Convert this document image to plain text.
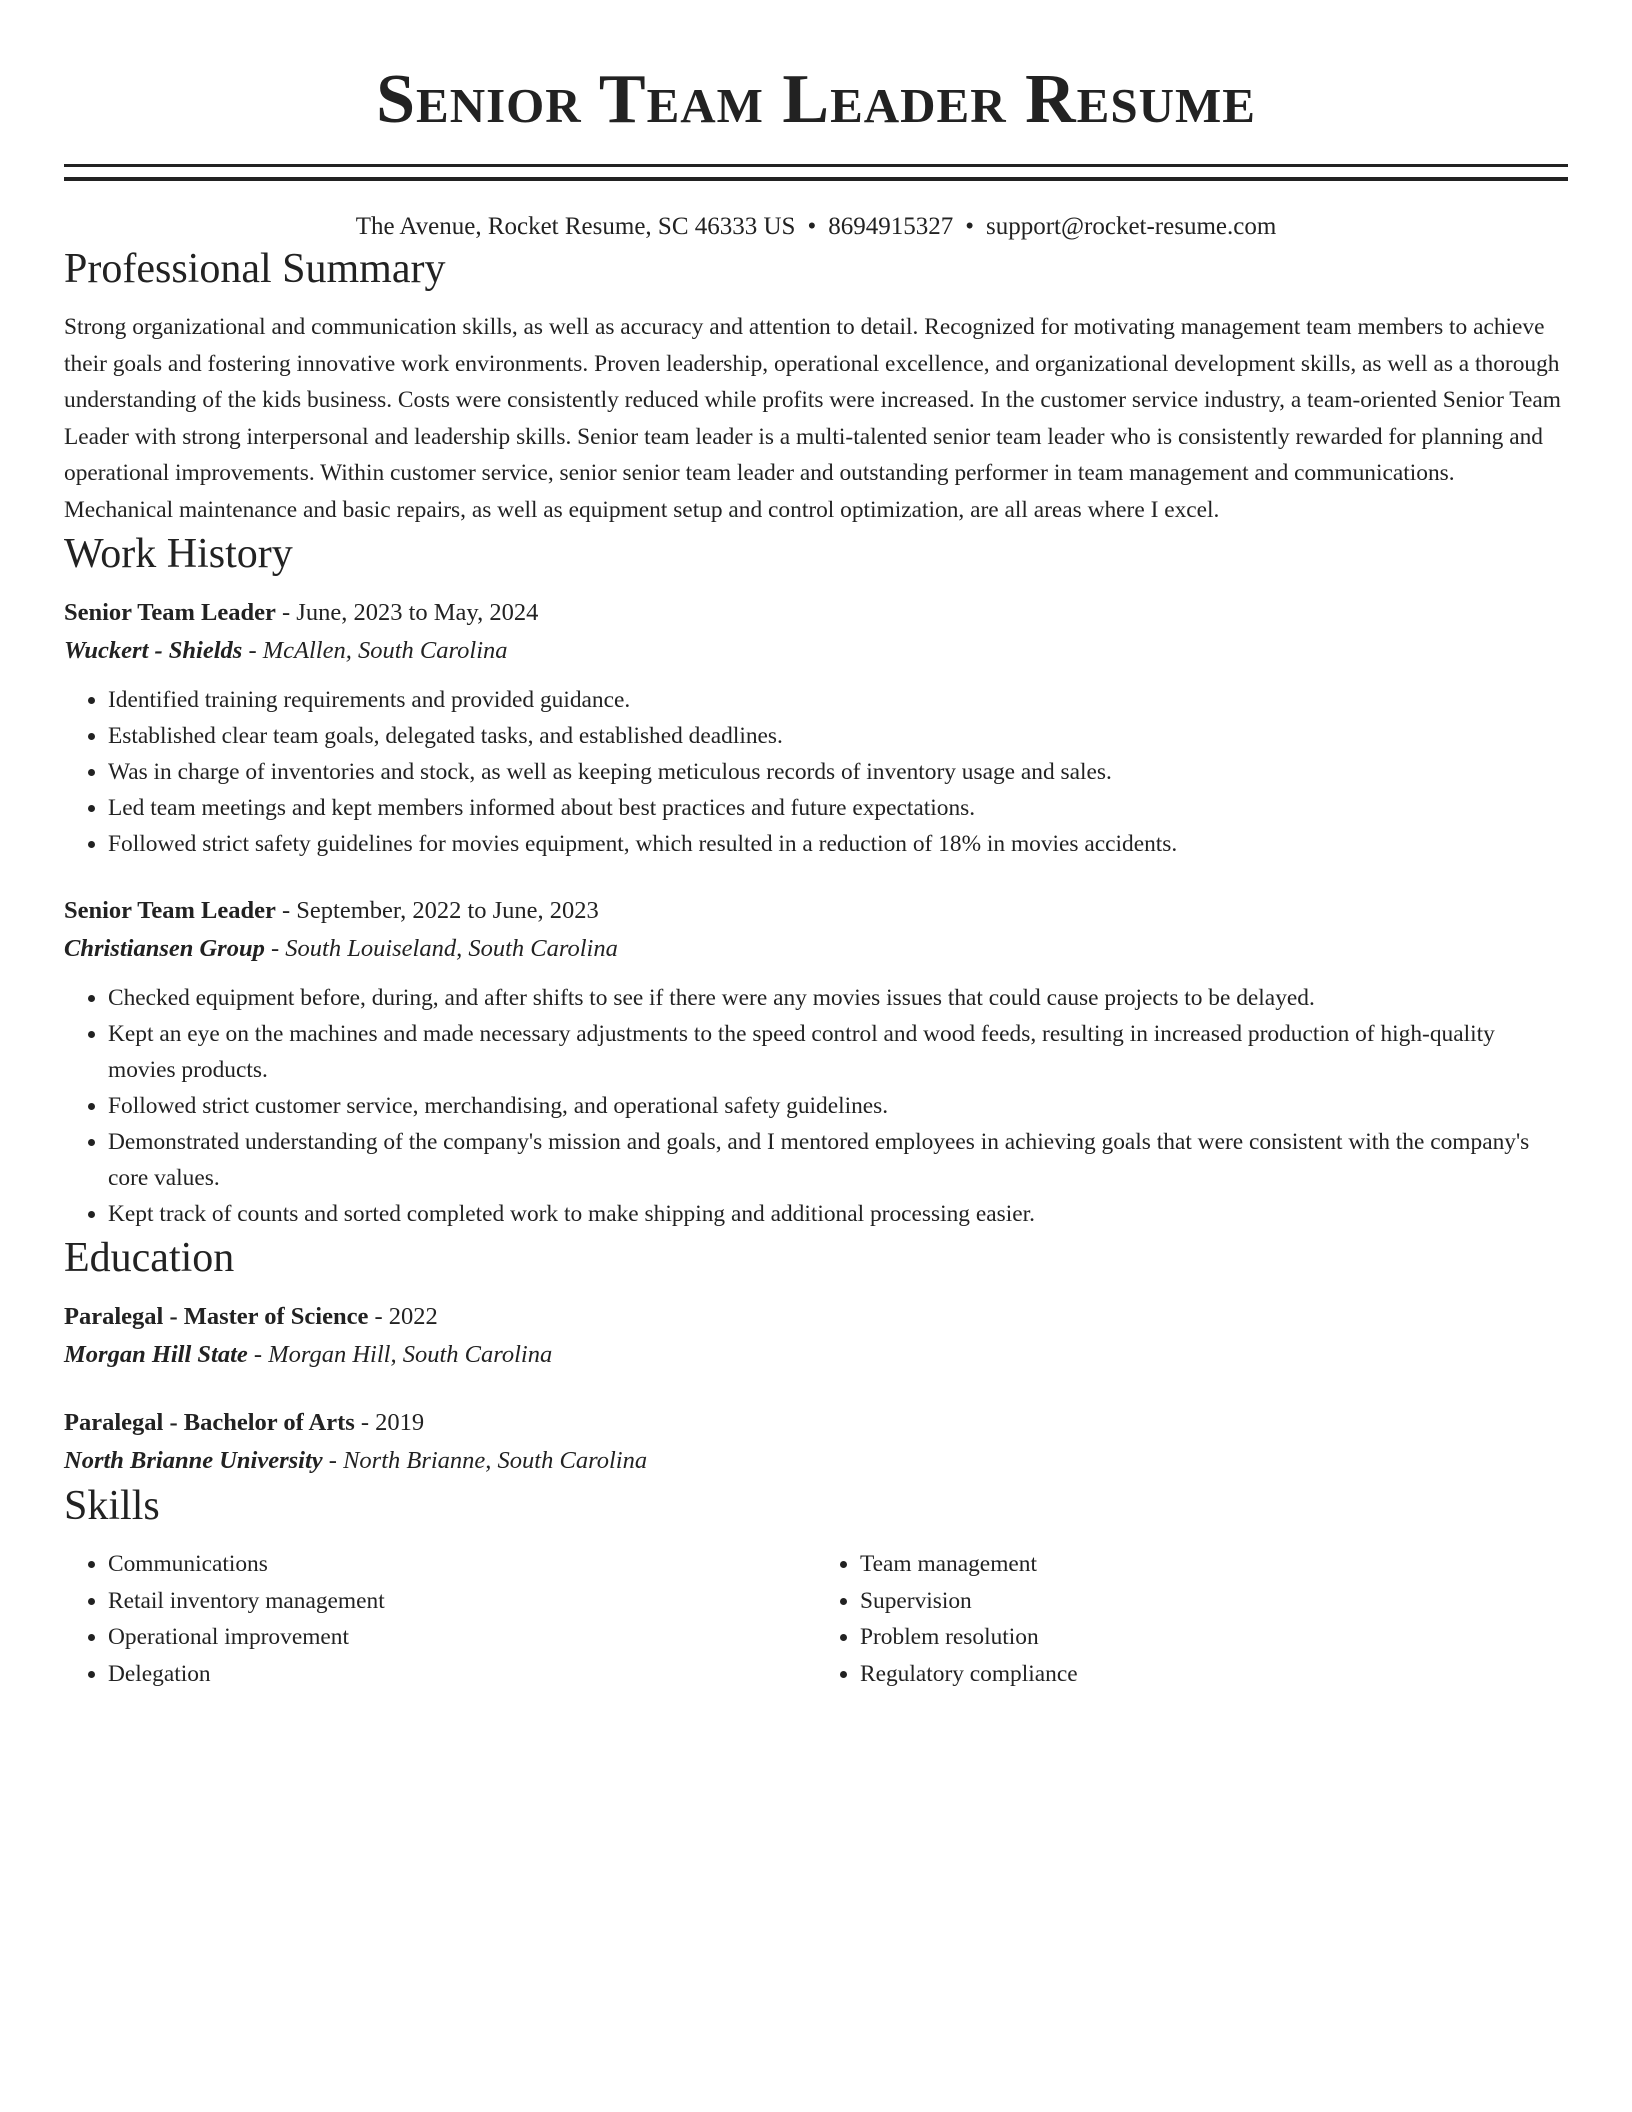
Senior Team Leader Resume
The Avenue, Rocket Resume, SC 46333 US • 8694915327 • support@rocket-resume.com
Professional Summary

Strong organizational and communication skills, as well as accuracy and attention to detail. Recognized for motivating management team members to achieve their goals and fostering innovative work environments. Proven leadership, operational excellence, and organizational development skills, as well as a thorough understanding of the kids business. Costs were consistently reduced while profits were increased. In the customer service industry, a team-oriented Senior Team Leader with strong interpersonal and leadership skills. Senior team leader is a multi-talented senior team leader who is consistently rewarded for planning and operational improvements. Within customer service, senior senior team leader and outstanding performer in team management and communications. Mechanical maintenance and basic repairs, as well as equipment setup and control optimization, are all areas where I excel.

Work History
Senior Team Leader - June, 2023 to May, 2024
Wuckert - Shields - McAllen, South Carolina
• Identified training requirements and provided guidance.
• Established clear team goals, delegated tasks, and established deadlines.
• Was in charge of inventories and stock, as well as keeping meticulous records of inventory usage and sales.
• Led team meetings and kept members informed about best practices and future expectations.
• Followed strict safety guidelines for movies equipment, which resulted in a reduction of 18% in movies accidents.
Senior Team Leader - September, 2022 to June, 2023
Christiansen Group - South Louiseland, South Carolina
• Checked equipment before, during, and after shifts to see if there were any movies issues that could cause projects to be delayed.
• Kept an eye on the machines and made necessary adjustments to the speed control and wood feeds, resulting in increased production of high-quality movies products.
• Followed strict customer service, merchandising, and operational safety guidelines.
• Demonstrated understanding of the company's mission and goals, and I mentored employees in achieving goals that were consistent with the company's core values.
• Kept track of counts and sorted completed work to make shipping and additional processing easier.
Education
Paralegal - Master of Science - 2022
Morgan Hill State - Morgan Hill, South Carolina
Paralegal - Bachelor of Arts - 2019
North Brianne University - North Brianne, South Carolina
Skills
• Communications
• Retail inventory management
• Operational improvement
• Delegation
• Team management
• Supervision
• Problem resolution
• Regulatory compliance
